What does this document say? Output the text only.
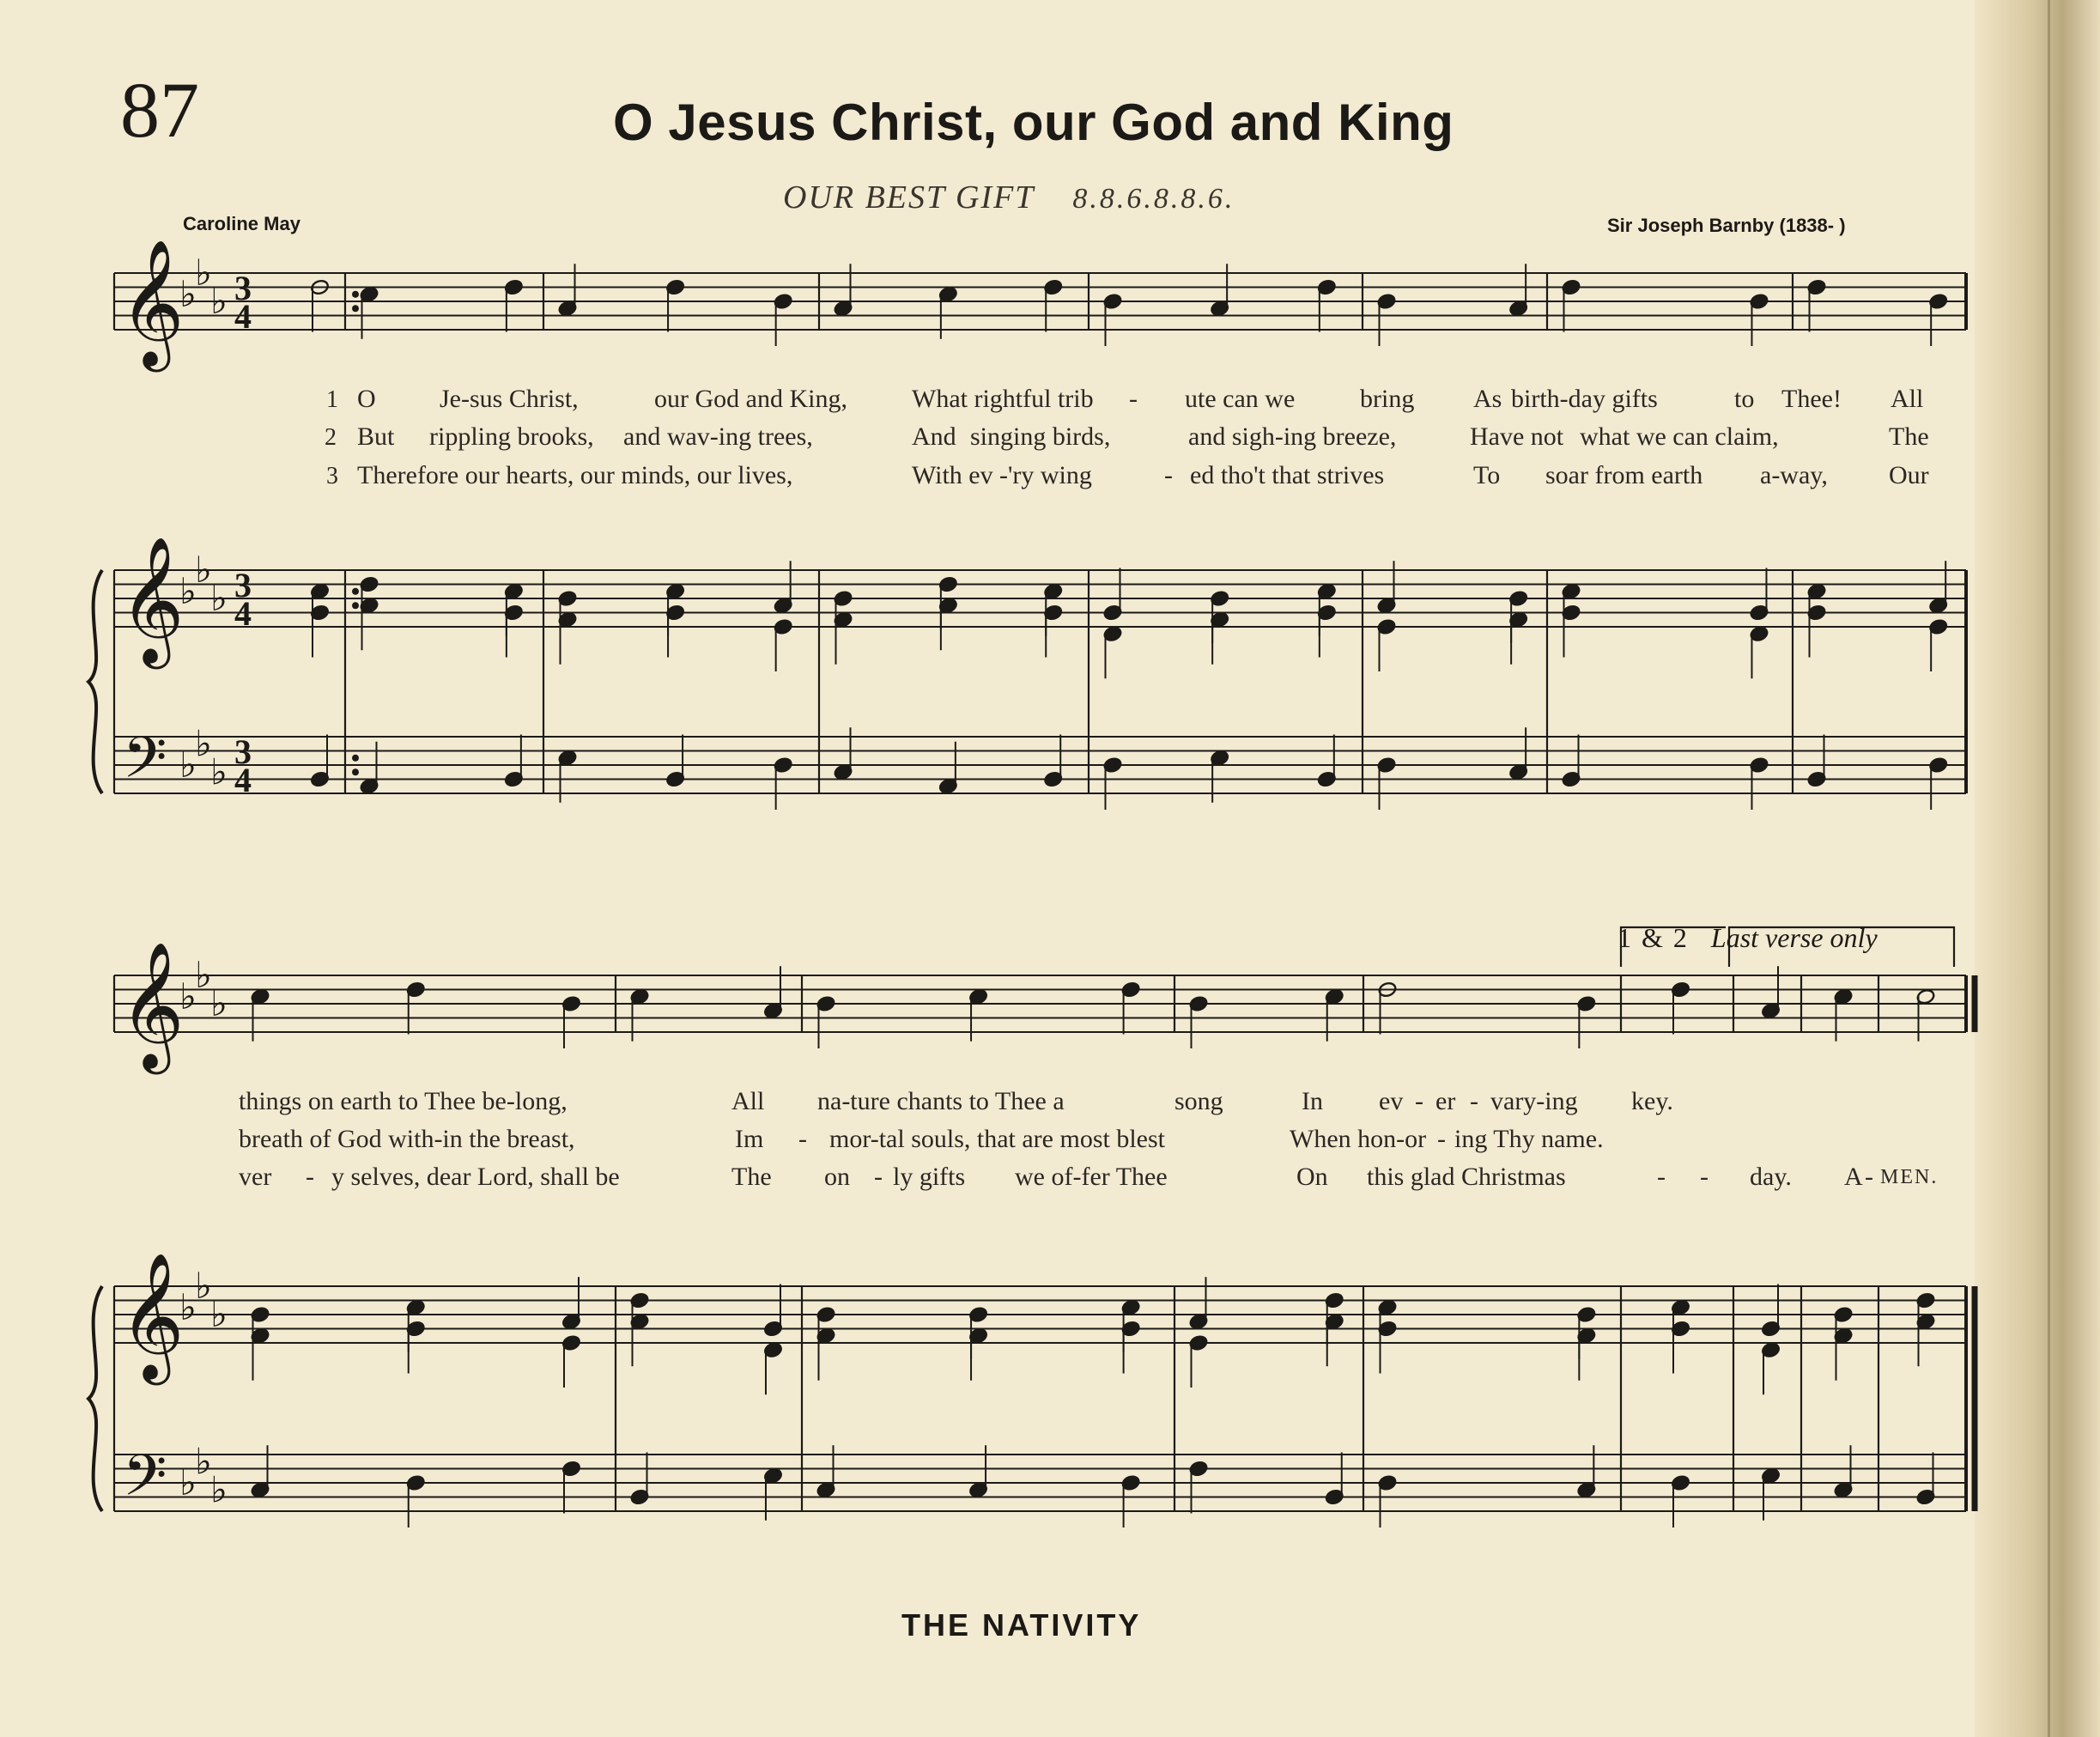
87	O Jesus Christ, our God and King
OUR BEST GIFT 8.8.6.8.8.6.
Caroline May	Sir Joseph Barnby (1838- )
1 & 2 Last verse only
1 O Je-sus Christ,	our God and King,	What rightful trib - ute can we	bring As birth-day gifts	to Thee! All
2 But rippling brooks, and wav-ing trees,	And singing birds,	and sigh-ing breeze,	Have not what we can claim,	The
3 Therefore our hearts, our minds, our lives,	With ev -'ry wing	- ed tho't that strives	To soar from earth a-way, Our
things on earth to Thee be-long,	All na-ture chants to Thee a	song	In ev - er - vary-ing key.
breath of God with-in the breast,	Im - mor-tal souls, that are most blest	When hon-or - ing Thy name.
ver - y selves, dear Lord, shall be	The on - ly gifts we of-fer Thee	On this glad Christmas	- - day. A - MEN.
THE NATIVITY
𝄞
𝄞
𝄢
♭
♭
♭
♭
♭
♭
♭
♭
♭
3
4
3
4
3
4
𝄞
𝄞
𝄢
♭
♭
♭
♭
♭
♭
♭
♭
♭
